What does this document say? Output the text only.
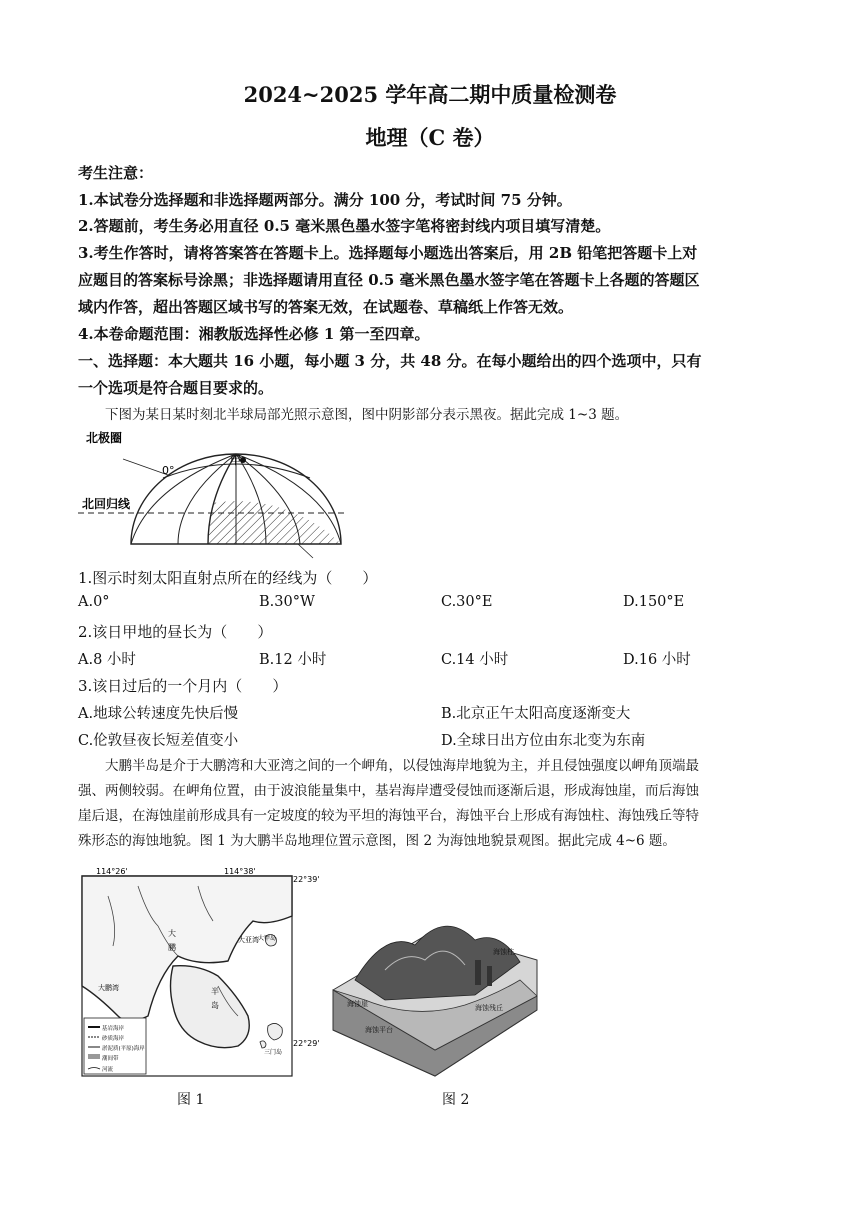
2024~2025 学年高二期中质量检测卷
地理（C 卷）
考生注意：
1.本试卷分选择题和非选择题两部分。满分 100 分，考试时间 75 分钟。
2.答题前，考生务必用直径 0.5 毫米黑色墨水签字笔将密封线内项目填写清楚。
3.考生作答时，请将答案答在答题卡上。选择题每小题选出答案后，用 2B 铅笔把答题卡上对
应题目的答案标号涂黑；非选择题请用直径 0.5 毫米黑色墨水签字笔在答题卡上各题的答题区
域内作答，超出答题区域书写的答案无效，在试题卷、草稿纸上作答无效。
4.本卷命题范围：湘教版选择性必修 1 第一至四章。
一、选择题：本大题共 16 小题，每小题 3 分，共 48 分。在每小题给出的四个选项中，只有
一个选项是符合题目要求的。
下图为某日某时刻北半球局部光照示意图，图中阴影部分表示黑夜。据此完成 1~3 题。
北极圈
0°
甲
北回归线
1.图示时刻太阳直射点所在的经线为（　　）
A.0°	B.30°W	C.30°E	D.150°E
2.该日甲地的昼长为（　　）
A.8 小时	B.12 小时	C.14 小时	D.16 小时
3.该日过后的一个月内（　　）
A.地球公转速度先快后慢	B.北京正午太阳高度逐渐变大
C.伦敦昼夜长短差值变小	D.全球日出方位由东北变为东南
大鹏半岛是介于大鹏湾和大亚湾之间的一个岬角，以侵蚀海岸地貌为主，并且侵蚀强度以岬角顶端最
强、两侧较弱。在岬角位置，由于波浪能量集中，基岩海岸遭受侵蚀而逐渐后退，形成海蚀崖，而后海蚀
崖后退，在海蚀崖前形成具有一定坡度的较为平坦的海蚀平台，海蚀平台上形成有海蚀柱、海蚀残丘等特
殊形态的海蚀地貌。图 1 为大鹏半岛地理位置示意图，图 2 为海蚀地貌景观图。据此完成 4~6 题。
基岩海岸
砂质海岸
淤泥质(平原)海岸
潮间带
河流
114°26'	114°38'
22°39'
22°29'
大鹏湾
大亚湾 大甲岛
三门岛
大
鹏
半
岛	海蚀崖
海蚀柱
海蚀平台
海蚀残丘
图 1	图 2
